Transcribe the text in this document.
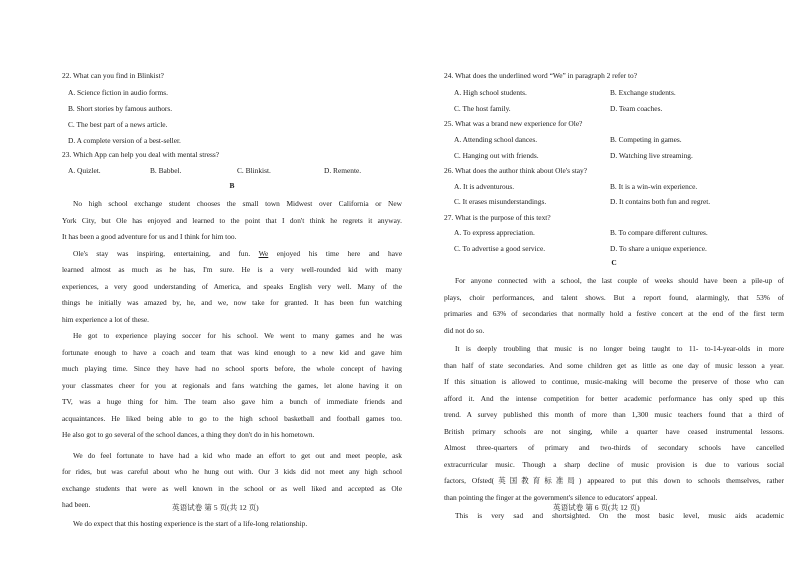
22. What can you find in Blinkist?
A. Science fiction in audio forms.
B. Short stories by famous authors.
C. The best part of a news article.
D. A complete version of a best-seller.
23. Which App can help you deal with mental stress?
A. Quizlet.	B. Babbel.	C. Blinkist.	D. Remente.
B
No high school exchange student chooses the small town Midwest over California or New
York City, but Ole has enjoyed and learned to the point that I don't think he regrets it anyway.
It has been a good adventure for us and I think for him too.
Ole's stay was inspiring, entertaining, and fun. We enjoyed his time here and have
learned almost as much as he has, I'm sure. He is a very well-rounded kid with many
experiences, a very good understanding of America, and speaks English very well. Many of the
things he initially was amazed by, he, and we, now take for granted. It has been fun watching
him experience a lot of these.
He got to experience playing soccer for his school. We went to many games and he was
fortunate enough to have a coach and team that was kind enough to a new kid and gave him
much playing time. Since they have had no school sports before, the whole concept of having
your classmates cheer for you at regionals and fans watching the games, let alone having it on
TV, was a huge thing for him. The team also gave him a bunch of immediate friends and
acquaintances. He liked being able to go to the high school basketball and football games too.
He also got to go several of the school dances, a thing they don't do in his hometown.
We do feel fortunate to have had a kid who made an effort to get out and meet people, ask
for rides, but was careful about who he hung out with. Our 3 kids did not meet any high school
exchange students that were as well known in the school or as well liked and accepted as Ole
had been.
We do expect that this hosting experience is the start of a life-long relationship.
英语试卷 第 5 页(共 12 页)
24. What does the underlined word “We” in paragraph 2 refer to?
A. High school students.	B. Exchange students.
C. The host family.	D. Team coaches.
25. What was a brand new experience for Ole?
A. Attending school dances.	B. Competing in games.
C. Hanging out with friends.	D. Watching live streaming.
26. What does the author think about Ole's stay?
A. It is adventurous.	B. It is a win-win experience.
C. It erases misunderstandings.	D. It contains both fun and regret.
27. What is the purpose of this text?
A. To express appreciation.	B. To compare different cultures.
C. To advertise a good service.	D. To share a unique experience.
C
For anyone connected with a school, the last couple of weeks should have been a pile-up of
plays, choir performances, and talent shows. But a report found, alarmingly, that 53% of
primaries and 63% of secondaries that normally hold a festive concert at the end of the first term
did not do so.
It is deeply troubling that music is no longer being taught to 11- to-14-year-olds in more
than half of state secondaries. And some children get as little as one day of music lesson a year.
If this situation is allowed to continue, music-making will become the preserve of those who can
afford it. And the intense competition for better academic performance has only sped up this
trend. A survey published this month of more than 1,300 music teachers found that a third of
British primary schools are not singing, while a quarter have ceased instrumental lessons.
Almost three-quarters of primary and two-thirds of secondary schools have cancelled
extracurricular music. Though a sharp decline of music provision is due to various social
factors, Ofsted(英国教育标准局) appeared to put this down to schools themselves, rather
than pointing the finger at the government's silence to educators' appeal.
This is very sad and shortsighted. On the most basic level, music aids academic
英语试卷 第 6 页(共 12 页)
